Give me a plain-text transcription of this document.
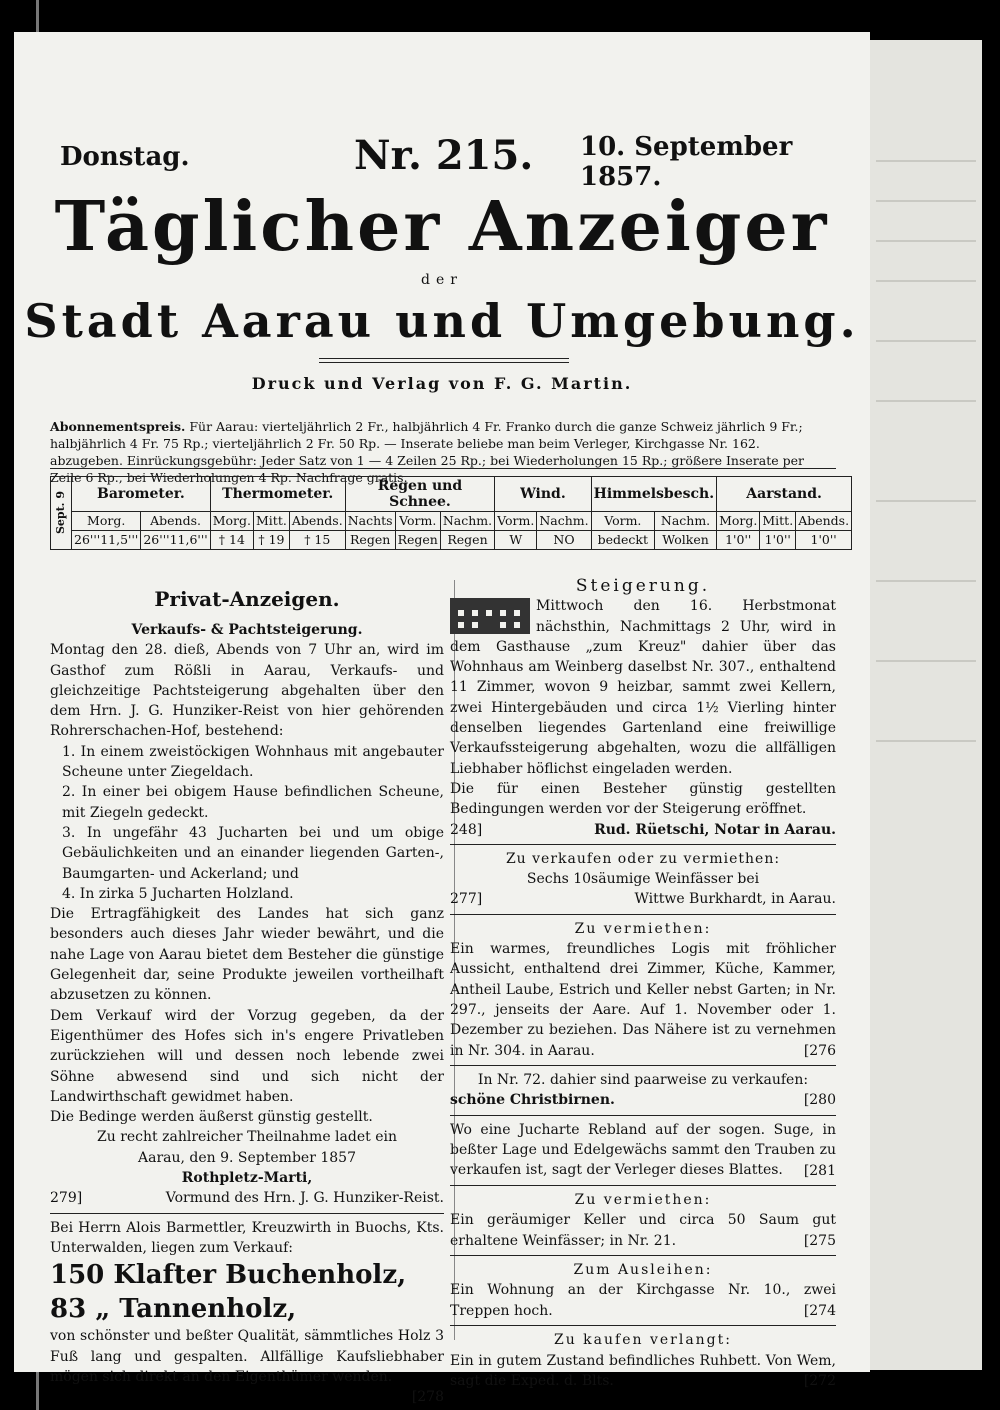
Donstag.	Nr. 215. 10. September 1857.
Täglicher Anzeiger
der
Stadt Aarau und Umgebung.
Druck und Verlag von F. G. Martin.
Abonnementspreis. Für Aarau: vierteljährlich 2 Fr., halbjährlich 4 Fr. Franko durch die ganze Schweiz jährlich 9 Fr.; halbjährlich 4 Fr. 75 Rp.; vierteljährlich 2 Fr. 50 Rp. — Inserate beliebe man beim Verleger, Kirchgasse Nr. 162. abzugeben. Einrückungsgebühr: Jeder Satz von 1 — 4 Zeilen 25 Rp.; bei Wiederholungen 15 Rp.; größere Inserate per Zeile 6 Rp., bei Wiederholungen 4 Rp. Nachfrage gratis.
Sept. 9	Barometer.		Thermometer.			Regen und Schnee.			Wind.		Himmelsbesch.		Aarstand.		
	Morg.	Abends.	Morg.	Mitt.	Abends.	Nachts	Vorm.	Nachm.	Vorm.	Nachm.	Vorm.	Nachm.	Morg.	Mitt.	Abends.
	26'''11,5'''	26'''11,6'''	† 14	† 19	† 15	Regen	Regen	Regen	W	NO	bedeckt	Wolken	1'0''	1'0''	1'0''

Privat-Anzeigen.

Verkaufs- & Pachtsteigerung.

Montag den 28. dieß, Abends von 7 Uhr an, wird im Gasthof zum Rößli in Aarau, Verkaufs- und gleichzeitige Pachtsteigerung abgehalten über den dem Hrn. J. G. Hunziker-Reist von hier gehörenden Rohrerschachen-Hof, bestehend:

1. In einem zweistöckigen Wohnhaus mit angebauter Scheune unter Ziegeldach.

2. In einer bei obigem Hause befindlichen Scheune, mit Ziegeln gedeckt.

3. In ungefähr 43 Jucharten bei und um obige Gebäulichkeiten und an einander liegenden Garten-, Baumgarten- und Ackerland; und

4. In zirka 5 Jucharten Holzland.

Die Ertragfähigkeit des Landes hat sich ganz besonders auch dieses Jahr wieder bewährt, und die nahe Lage von Aarau bietet dem Besteher die günstige Gelegenheit dar, seine Produkte jeweilen vortheilhaft abzusetzen zu können.

Dem Verkauf wird der Vorzug gegeben, da der Eigenthümer des Hofes sich in's engere Privatleben zurückziehen will und dessen noch lebende zwei Söhne abwesend sind und sich nicht der Landwirthschaft gewidmet haben.

Die Bedinge werden äußerst günstig gestellt.

Zu recht zahlreicher Theilnahme ladet ein

Aarau, den 9. September 1857

Rothpletz-Marti,

279]	Vormund des Hrn. J. G. Hunziker-Reist.

Bei Herrn Alois Barmettler, Kreuzwirth in Buochs, Kts. Unterwalden, liegen zum Verkauf:

150 Klafter Buchenholz,

83 „ Tannenholz,

von schönster und beßter Qualität, sämmtliches Holz 3 Fuß lang und gespalten. Allfällige Kaufsliebhaber mögen sich direkt an den Eigenthümer wenden.

[278

Steigerung.

Mittwoch den 16. Herbstmonat nächsthin, Nachmittags 2 Uhr, wird in dem Gasthause „zum Kreuz" dahier über das Wohnhaus am Weinberg daselbst Nr. 307., enthaltend 11 Zimmer, wovon 9 heizbar, sammt zwei Kellern, zwei Hintergebäuden und circa 1½ Vierling hinter denselben liegendes Gartenland eine freiwillige Verkaufssteigerung abgehalten, wozu die allfälligen Liebhaber höflichst eingeladen werden.

Die für einen Besteher günstig gestellten Bedingungen werden vor der Steigerung eröffnet.

248]	Rud. Rüetschi, Notar in Aarau.

Zu verkaufen oder zu vermiethen:

Sechs 10säumige Weinfässer bei

277]	Wittwe Burkhardt, in Aarau.

Zu vermiethen:

Ein warmes, freundliches Logis mit fröhlicher Aussicht, enthaltend drei Zimmer, Küche, Kammer, Antheil Laube, Estrich und Keller nebst Garten; in Nr. 297., jenseits der Aare. Auf 1. November oder 1. Dezember zu beziehen. Das Nähere ist zu vernehmen in Nr. 304. in Aarau.	[276

In Nr. 72. dahier sind paarweise zu verkaufen:

schöne Christbirnen.	[280

Wo eine Jucharte Rebland auf der sogen. Suge, in beßter Lage und Edelgewächs sammt den Trauben zu verkaufen ist, sagt der Verleger dieses Blattes.	[281

Zu vermiethen:

Ein geräumiger Keller und circa 50 Saum gut erhaltene Weinfässer; in Nr. 21.	[275

Zum Ausleihen:

Ein Wohnung an der Kirchgasse Nr. 10., zwei Treppen hoch.	[274

Zu kaufen verlangt:

Ein in gutem Zustand befindliches Ruhbett. Von Wem, sagt die Exped. d. Blts.	[272
